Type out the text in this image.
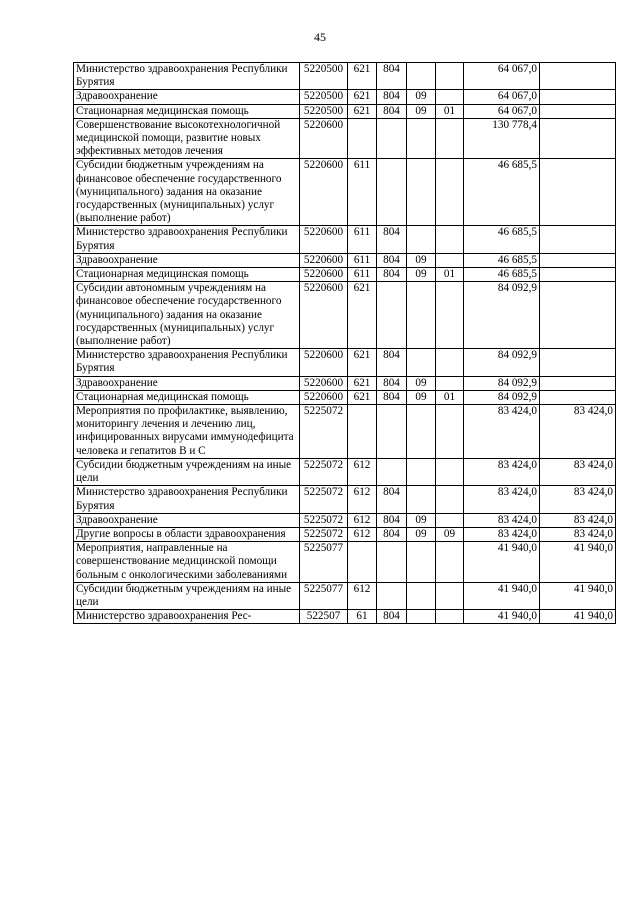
45
Министерство здравоохранения Республики Бурятия	5220500	621	804			64 067,0	
Здравоохранение	5220500	621	804	09		64 067,0	
Стационарная медицинская помощь	5220500	621	804	09	01	64 067,0	
Совершенствование высокотехнологичной медицинской помощи, развитие новых эффективных методов лечения	5220600					130 778,4	
Субсидии бюджетным учреждениям на финансовое обеспечение государственного (муниципального) задания на оказание государственных (муниципальных) услуг (выполнение работ)	5220600	611				46 685,5	
Министерство здравоохранения Республики Бурятия	5220600	611	804			46 685,5	
Здравоохранение	5220600	611	804	09		46 685,5	
Стационарная медицинская помощь	5220600	611	804	09	01	46 685,5	
Субсидии автономным учреждениям на финансовое обеспечение государственного (муниципального) задания на оказание государственных (муниципальных) услуг (выполнение работ)	5220600	621				84 092,9	
Министерство здравоохранения Республики Бурятия	5220600	621	804			84 092,9	
Здравоохранение	5220600	621	804	09		84 092,9	
Стационарная медицинская помощь	5220600	621	804	09	01	84 092,9	
Мероприятия по профилактике, выявлению, мониторингу лечения и лечению лиц, инфицированных вирусами иммунодефицита человека и гепатитов В и С	5225072					83 424,0	83 424,0
Субсидии бюджетным учреждениям на иные цели	5225072	612				83 424,0	83 424,0
Министерство здравоохранения Республики Бурятия	5225072	612	804			83 424,0	83 424,0
Здравоохранение	5225072	612	804	09		83 424,0	83 424,0
Другие вопросы в области здравоохранения	5225072	612	804	09	09	83 424,0	83 424,0
Мероприятия, направленные на совершенствование медицинской помощи больным с онкологическими заболеваниями	5225077					41 940,0	41 940,0
Субсидии бюджетным учреждениям на иные цели	5225077	612				41 940,0	41 940,0
Министерство здравоохранения Рес-	522507	61	804			41 940,0	41 940,0
